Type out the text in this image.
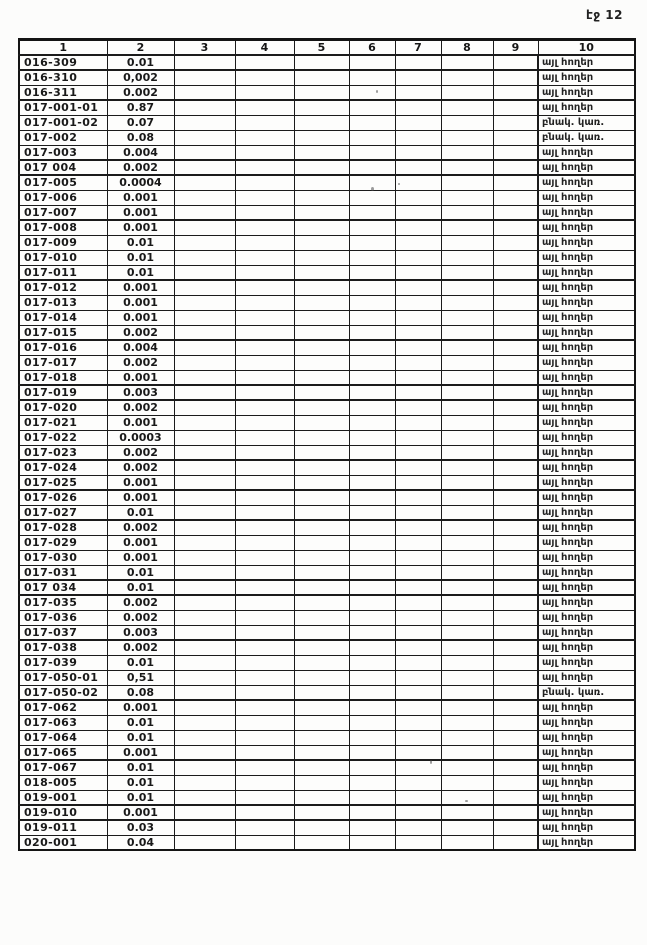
էջ 12
1	2	3	4	5	6	7	8	9	10
016-309	0.01								այլ հողեր
016-310	0,002								այլ հողեր
016-311	0.002								այլ հողեր
017-001-01	0.87								այլ հողեր
017-001-02	0.07								բնակ. կառ.
017-002	0.08								բնակ. կառ.
017-003	0.004								այլ հողեր
017 004	0.002								այլ հողեր
017-005	0.0004								այլ հողեր
017-006	0.001								այլ հողեր
017-007	0.001								այլ հողեր
017-008	0.001								այլ հողեր
017-009	0.01								այլ հողեր
017-010	0.01								այլ հողեր
017-011	0.01								այլ հողեր
017-012	0.001								այլ հողեր
017-013	0.001								այլ հողեր
017-014	0.001								այլ հողեր
017-015	0.002								այլ հողեր
017-016	0.004								այլ հողեր
017-017	0.002								այլ հողեր
017-018	0.001								այլ հողեր
017-019	0.003								այլ հողեր
017-020	0.002								այլ հողեր
017-021	0.001								այլ հողեր
017-022	0.0003								այլ հողեր
017-023	0.002								այլ հողեր
017-024	0.002								այլ հողեր
017-025	0.001								այլ հողեր
017-026	0.001								այլ հողեր
017-027	0.01								այլ հողեր
017-028	0.002								այլ հողեր
017-029	0.001								այլ հողեր
017-030	0.001								այլ հողեր
017-031	0.01								այլ հողեր
017 034	0.01								այլ հողեր
017-035	0.002								այլ հողեր
017-036	0.002								այլ հողեր
017-037	0.003								այլ հողեր
017-038	0.002								այլ հողեր
017-039	0.01								այլ հողեր
017-050-01	0,51								այլ հողեր
017-050-02	0.08								բնակ. կառ.
017-062	0.001								այլ հողեր
017-063	0.01								այլ հողեր
017-064	0.01								այլ հողեր
017-065	0.001								այլ հողեր
017-067	0.01								այլ հողեր
018-005	0.01								այլ հողեր
019-001	0.01								այլ հողեր
019-010	0.001								այլ հողեր
019-011	0.03								այլ հողեր
020-001	0.04								այլ հողեր
